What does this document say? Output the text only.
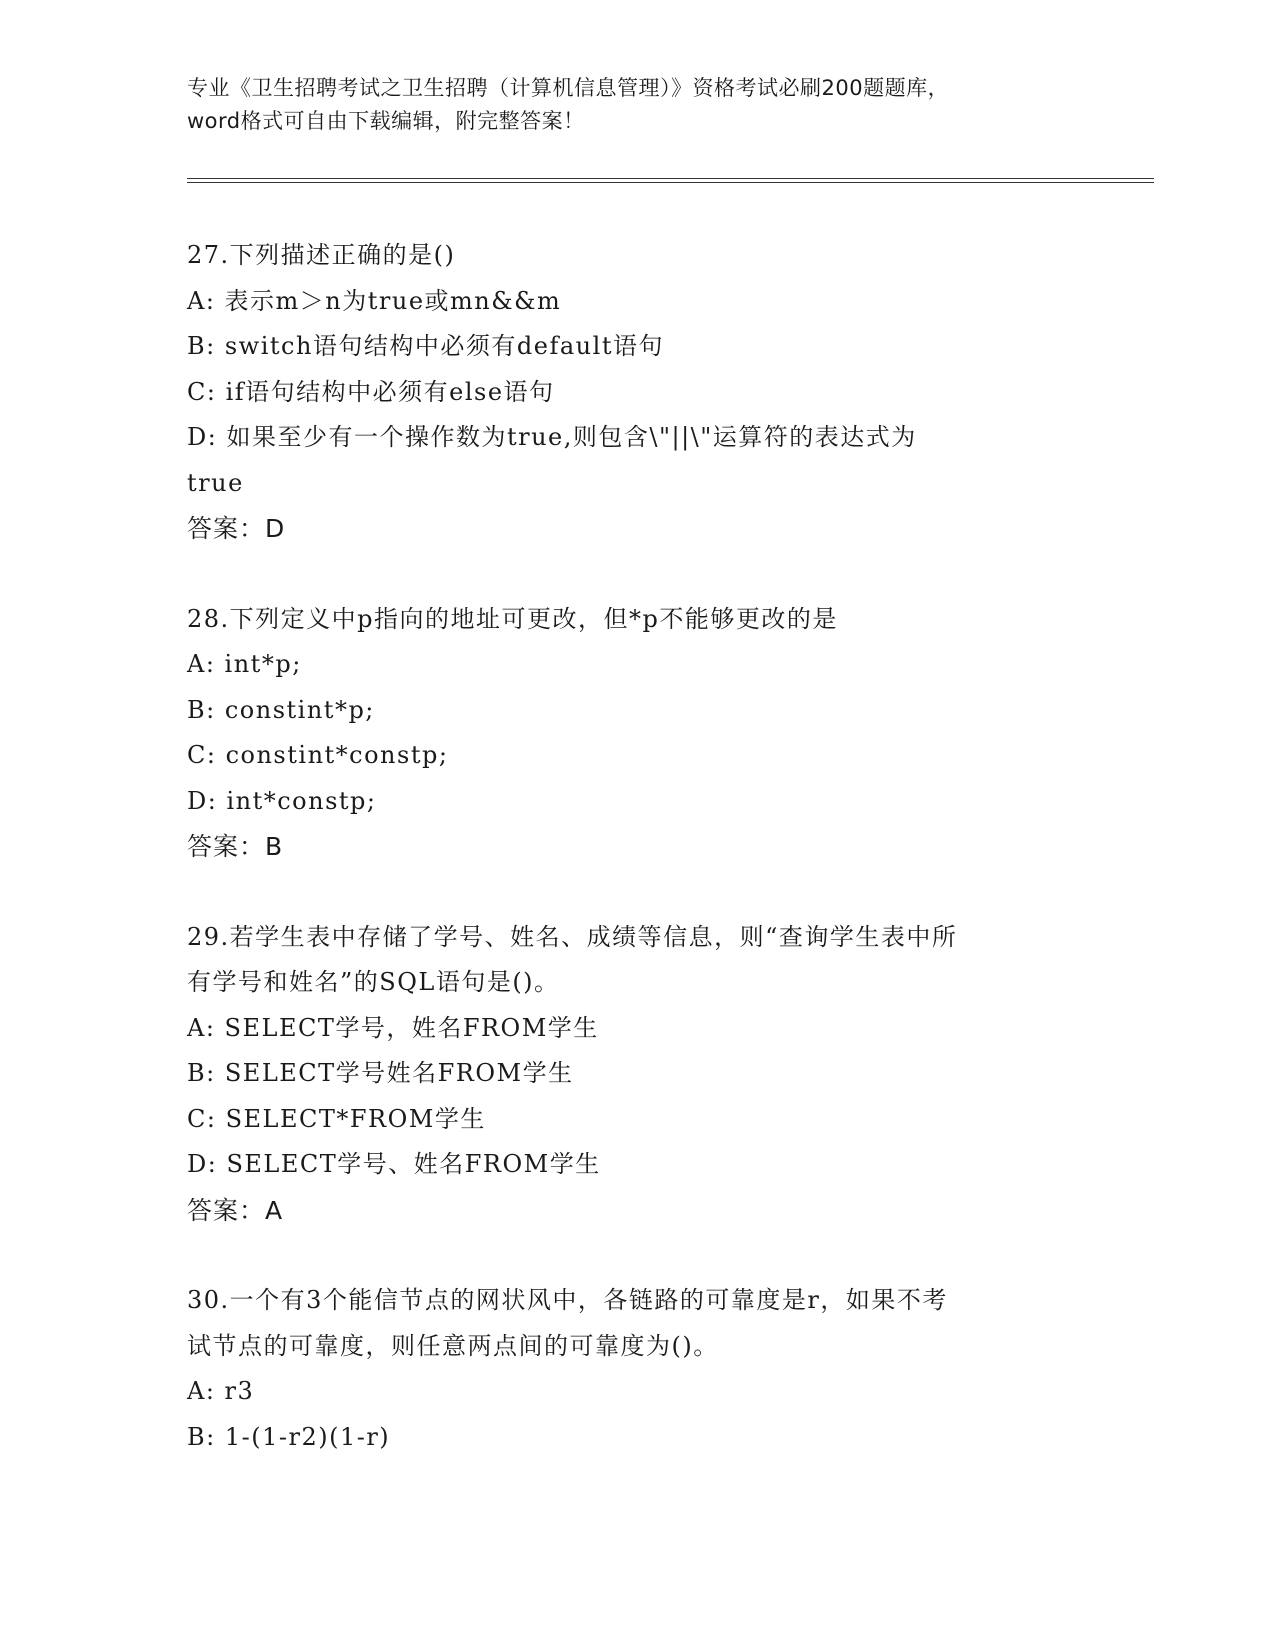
专业《卫生招聘考试之卫生招聘（计算机信息管理）》资格考试必刷200题题库，
word格式可自由下载编辑，附完整答案！
27.下列描述正确的是()
A: 表示m＞n为true或mn&&m
B: switch语句结构中必须有default语句
C: if语句结构中必须有else语句
D: 如果至少有一个操作数为true,则包含\"||\"运算符的表达式为
true
答案：D
28.下列定义中p指向的地址可更改，但*p不能够更改的是
A: int*p;
B: constint*p;
C: constint*constp;
D: int*constp;
答案：B
29.若学生表中存储了学号、姓名、成绩等信息，则“查询学生表中所
有学号和姓名”的SQL语句是()。
A: SELECT学号，姓名FROM学生
B: SELECT学号姓名FROM学生
C: SELECT*FROM学生
D: SELECT学号、姓名FROM学生
答案：A
30.一个有3个能信节点的网状风中，各链路的可靠度是r，如果不考
试节点的可靠度，则任意两点间的可靠度为()。
A: r3
B: 1-(1-r2)(1-r)
